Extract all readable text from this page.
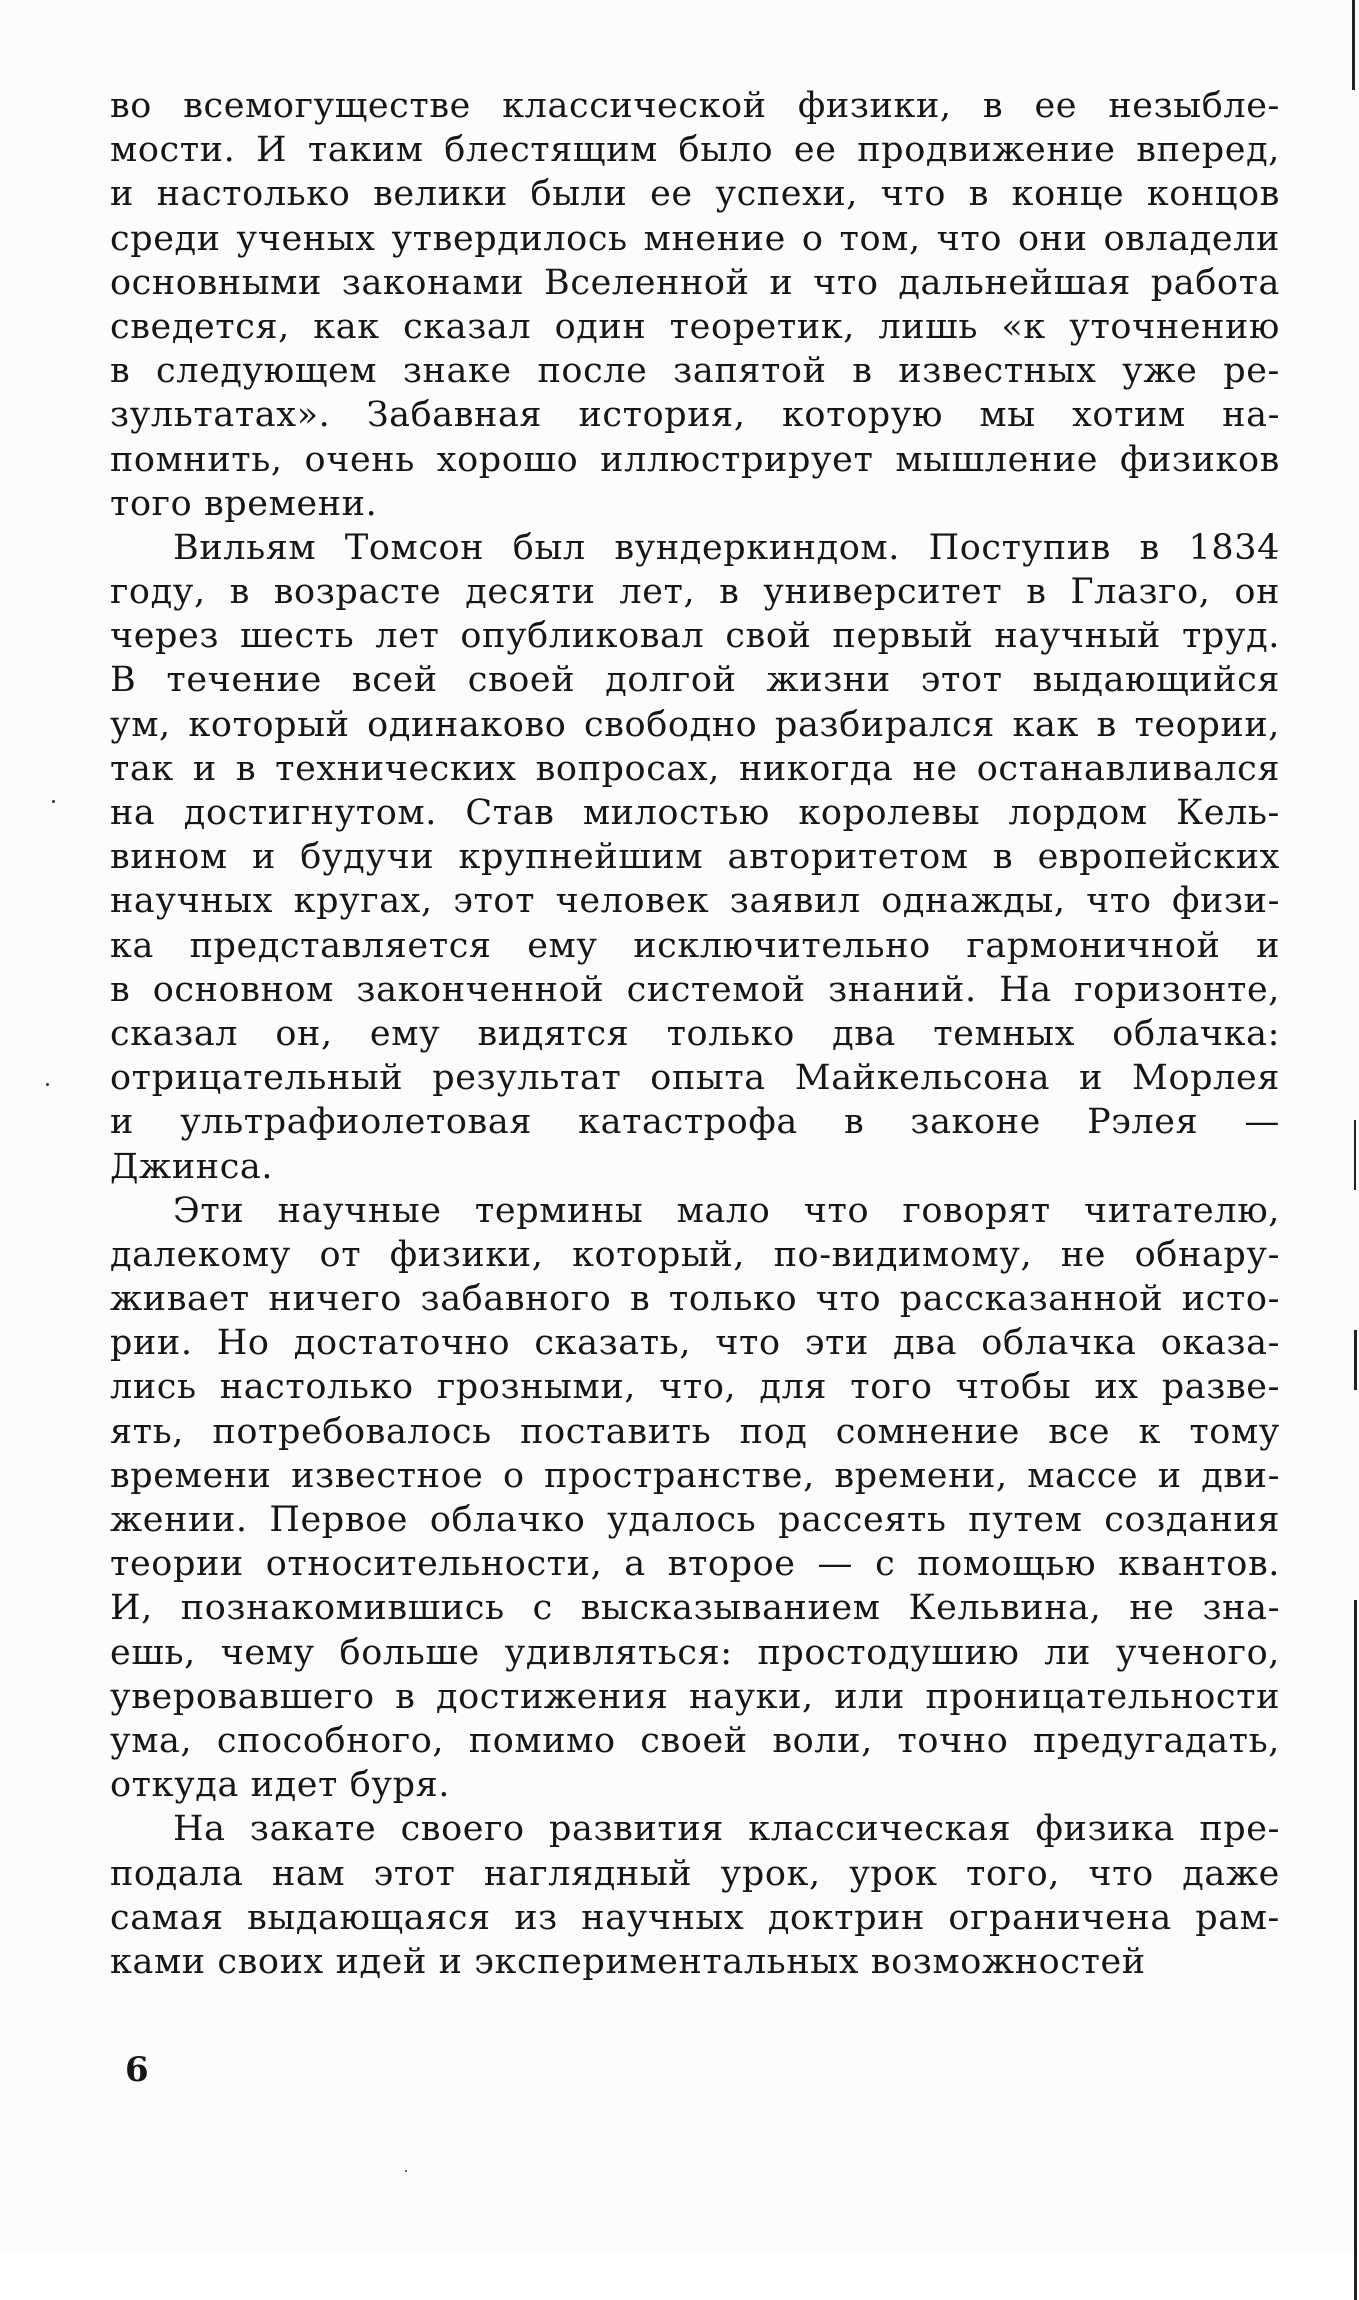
во всемогуществе классической физики, в ее незыбле-
мости. И таким блестящим было ее продвижение вперед,
и настолько велики были ее успехи, что в конце концов
среди ученых утвердилось мнение о том, что они овладели
основными законами Вселенной и что дальнейшая работа
сведется, как сказал один теоретик, лишь «к уточнению
в следующем знаке после запятой в известных уже ре-
зультатах». Забавная история, которую мы хотим на-
помнить, очень хорошо иллюстрирует мышление физиков
того времени.
Вильям Томсон был вундеркиндом. Поступив в 1834
году, в возрасте десяти лет, в университет в Глазго, он
через шесть лет опубликовал свой первый научный труд.
В течение всей своей долгой жизни этот выдающийся
ум, который одинаково свободно разбирался как в теории,
так и в технических вопросах, никогда не останавливался
на достигнутом. Став милостью королевы лордом Кель-
вином и будучи крупнейшим авторитетом в европейских
научных кругах, этот человек заявил однажды, что физи-
ка представляется ему исключительно гармоничной и
в основном законченной системой знаний. На горизонте,
сказал он, ему видятся только два темных облачка:
отрицательный результат опыта Майкельсона и Морлея
и ультрафиолетовая катастрофа в законе Рэлея —
Джинса.
Эти научные термины мало что говорят читателю,
далекому от физики, который, по-видимому, не обнару-
живает ничего забавного в только что рассказанной исто-
рии. Но достаточно сказать, что эти два облачка оказа-
лись настолько грозными, что, для того чтобы их разве-
ять, потребовалось поставить под сомнение все к тому
времени известное о пространстве, времени, массе и дви-
жении. Первое облачко удалось рассеять путем создания
теории относительности, а второе — с помощью квантов.
И, познакомившись с высказыванием Кельвина, не зна-
ешь, чему больше удивляться: простодушию ли ученого,
уверовавшего в достижения науки, или проницательности
ума, способного, помимо своей воли, точно предугадать,
откуда идет буря.
На закате своего развития классическая физика пре-
подала нам этот наглядный урок, урок того, что даже
самая выдающаяся из научных доктрин ограничена рам-
ками своих идей и экспериментальных возможностей
6
